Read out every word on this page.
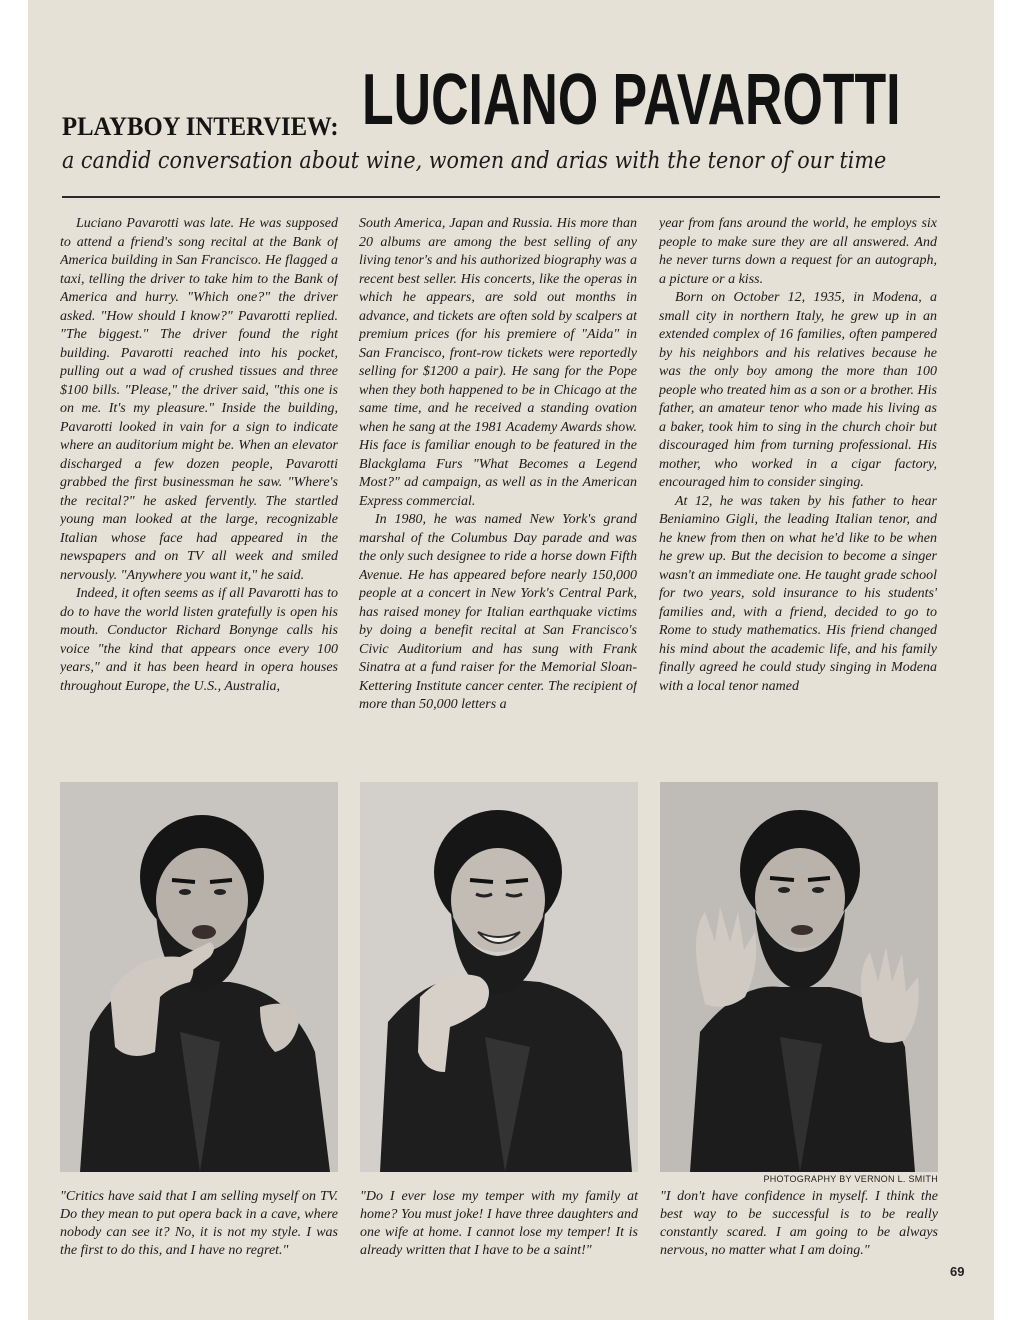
PLAYBOY INTERVIEW: LUCIANO PAVAROTTI
a candid conversation about wine, women and arias with the tenor of our time

Luciano Pavarotti was late. He was supposed to attend a friend's song recital at the Bank of America building in San Francisco. He flagged a taxi, telling the driver to take him to the Bank of America and hurry. "Which one?" the driver asked. "How should I know?" Pavarotti replied. "The biggest." The driver found the right building. Pavarotti reached into his pocket, pulling out a wad of crushed tissues and three $100 bills. "Please," the driver said, "this one is on me. It's my pleasure." Inside the building, Pavarotti looked in vain for a sign to indicate where an auditorium might be. When an elevator discharged a few dozen people, Pavarotti grabbed the first businessman he saw. "Where's the recital?" he asked fervently. The startled young man looked at the large, recognizable Italian whose face had appeared in the newspapers and on TV all week and smiled nervously. "Anywhere you want it," he said.

Indeed, it often seems as if all Pavarotti has to do to have the world listen gratefully is open his mouth. Conductor Richard Bonynge calls his voice "the kind that appears once every 100 years," and it has been heard in opera houses throughout Europe, the U.S., Australia,

South America, Japan and Russia. His more than 20 albums are among the best selling of any living tenor's and his authorized biography was a recent best seller. His concerts, like the operas in which he appears, are sold out months in advance, and tickets are often sold by scalpers at premium prices (for his premiere of "Aida" in San Francisco, front-row tickets were reportedly selling for $1200 a pair). He sang for the Pope when they both happened to be in Chicago at the same time, and he received a standing ovation when he sang at the 1981 Academy Awards show. His face is familiar enough to be featured in the Blackglama Furs "What Becomes a Legend Most?" ad campaign, as well as in the American Express commercial.

In 1980, he was named New York's grand marshal of the Columbus Day parade and was the only such designee to ride a horse down Fifth Avenue. He has appeared before nearly 150,000 people at a concert in New York's Central Park, has raised money for Italian earthquake victims by doing a benefit recital at San Francisco's Civic Auditorium and has sung with Frank Sinatra at a fund raiser for the Memorial Sloan-Kettering Institute cancer center. The recipient of more than 50,000 letters a

year from fans around the world, he employs six people to make sure they are all answered. And he never turns down a request for an autograph, a picture or a kiss.

Born on October 12, 1935, in Modena, a small city in northern Italy, he grew up in an extended complex of 16 families, often pampered by his neighbors and his relatives because he was the only boy among the more than 100 people who treated him as a son or a brother. His father, an amateur tenor who made his living as a baker, took him to sing in the church choir but discouraged him from turning professional. His mother, who worked in a cigar factory, encouraged him to consider singing.

At 12, he was taken by his father to hear Beniamino Gigli, the leading Italian tenor, and he knew from then on what he'd like to be when he grew up. But the decision to become a singer wasn't an immediate one. He taught grade school for two years, sold insurance to his students' families and, with a friend, decided to go to Rome to study mathematics. His friend changed his mind about the academic life, and his family finally agreed he could study singing in Modena with a local tenor named

PHOTOGRAPHY BY VERNON L. SMITH
"Critics have said that I am selling myself on TV. Do they mean to put opera back in a cave, where nobody can see it? No, it is not my style. I was the first to do this, and I have no regret."
"Do I ever lose my temper with my family at home? You must joke! I have three daughters and one wife at home. I cannot lose my temper! It is already written that I have to be a saint!"
"I don't have confidence in myself. I think the best way to be successful is to be really constantly scared. I am going to be always nervous, no matter what I am doing."
69
